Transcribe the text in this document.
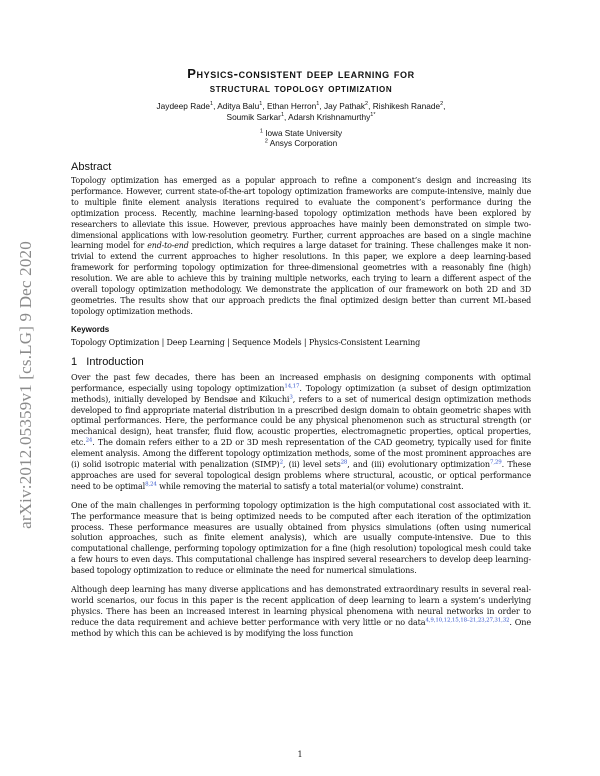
arXiv:2012.05359v1 [cs.LG] 9 Dec 2020
Physics-consistent deep learning for
structural topology optimization
Jaydeep Rade$^1$, Aditya Balu$^1$, Ethan Herron$^1$, Jay Pathak$^2$, Rishikesh Ranade$^2$,
Soumik Sarkar$^1$, Adarsh Krishnamurthy$^{1*}$
$^1$ Iowa State University
$^2$ Ansys Corporation
Abstract

Topology optimization has emerged as a popular approach to refine a component’s design and increasing its performance. However, current state-of-the-art topology optimization frameworks are compute-intensive, mainly due to multiple finite element analysis iterations required to evaluate the component’s performance during the optimization process. Recently, machine learning-based topology optimization methods have been explored by researchers to alleviate this issue. However, previous approaches have mainly been demonstrated on simple two-dimensional applications with low-resolution geometry. Further, current approaches are based on a single machine learning model for end-to-end prediction, which requires a large dataset for training. These challenges make it non-trivial to extend the current approaches to higher resolutions. In this paper, we explore a deep learning-based framework for performing topology optimization for three-dimensional geometries with a reasonably fine (high) resolution. We are able to achieve this by training multiple networks, each trying to learn a different aspect of the overall topology optimization methodology. We demonstrate the application of our framework on both 2D and 3D geometries. The results show that our approach predicts the final optimized design better than current ML-based topology optimization methods.

Keywords
Topology Optimization | Deep Learning | Sequence Models | Physics-Consistent Learning
1 Introduction

Over the past few decades, there has been an increased emphasis on designing components with optimal performance, especially using topology optimization$^{14,17}$. Topology optimization (a subset of design optimization methods), initially developed by Bendsøe and Kikuchi$^3$, refers to a set of numerical design optimization methods developed to find appropriate material distribution in a prescribed design domain to obtain geometric shapes with optimal performances. Here, the performance could be any physical phenomenon such as structural strength (or mechanical design), heat transfer, fluid flow, acoustic properties, electromagnetic properties, optical properties, etc.$^{24}$. The domain refers either to a 2D or 3D mesh representation of the CAD geometry, typically used for finite element analysis. Among the different topology optimization methods, some of the most prominent approaches are (i) solid isotropic material with penalization (SIMP)$^2$, (ii) level sets$^{28}$, and (iii) evolutionary optimization$^{7,29}$. These approaches are used for several topological design problems where structural, acoustic, or optical performance need to be optimal$^{8,24}$ while removing the material to satisfy a total material(or volume) constraint.

One of the main challenges in performing topology optimization is the high computational cost associated with it. The performance measure that is being optimized needs to be computed after each iteration of the optimization process. These performance measures are usually obtained from physics simulations (often using numerical solution approaches, such as finite element analysis), which are usually compute-intensive. Due to this computational challenge, performing topology optimization for a fine (high resolution) topological mesh could take a few hours to even days. This computational challenge has inspired several researchers to develop deep learning-based topology optimization to reduce or eliminate the need for numerical simulations.

Although deep learning has many diverse applications and has demonstrated extraordinary results in several real-world scenarios, our focus in this paper is the recent application of deep learning to learn a system’s underlying physics. There has been an increased interest in learning physical phenomena with neural networks in order to reduce the data requirement and achieve better performance with very little or no data$^{4,9,10,12,15,18-21,23,27,31,32}$. One method by which this can be achieved is by modifying the loss function

1
